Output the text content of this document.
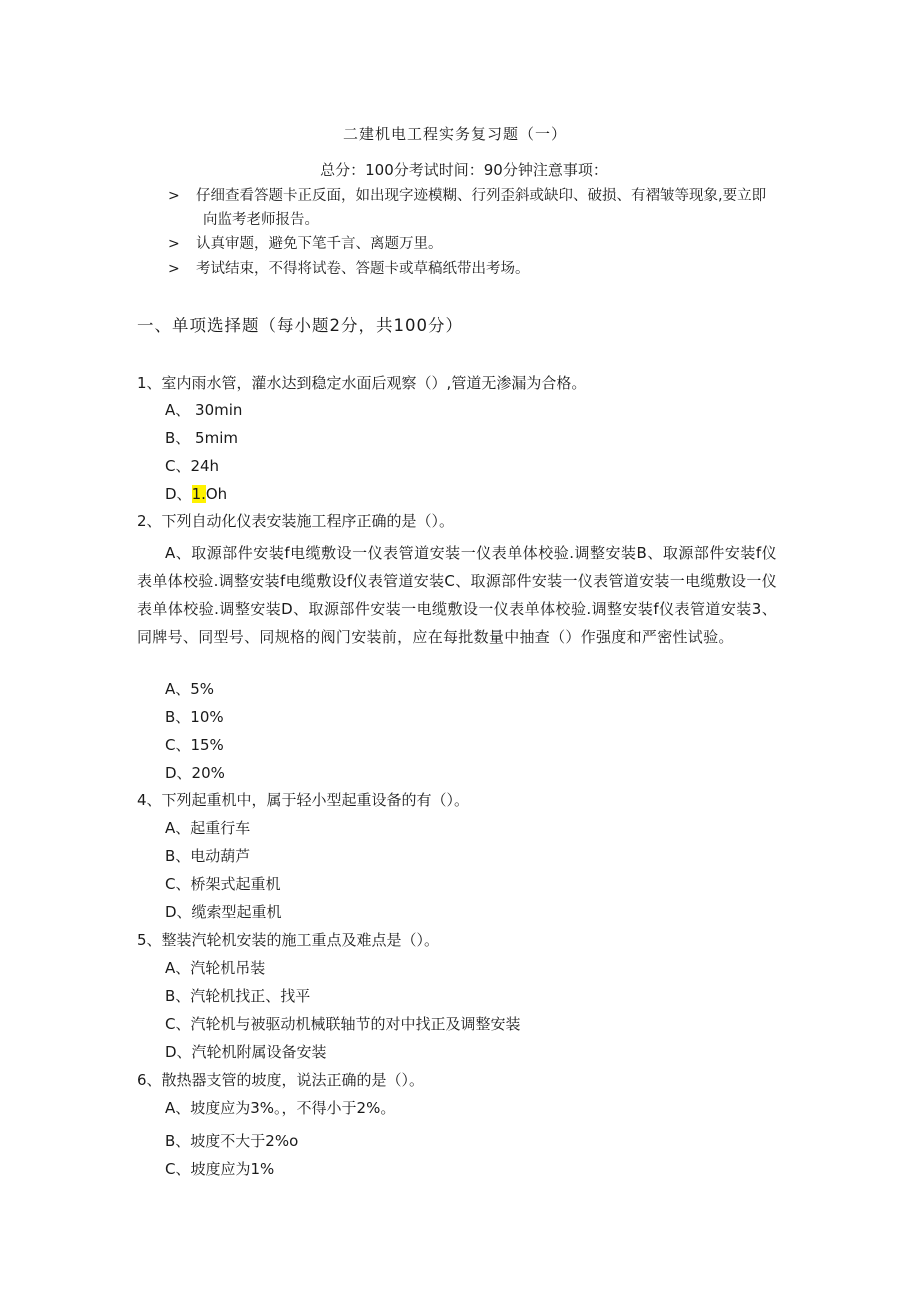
二建机电工程实务复习题（一）
总分：100分考试时间：90分钟注意事项：
> 仔细查看答题卡正反面，如出现字迹模糊、行列歪斜或缺印、破损、有褶皱等现象,要立即
向监考老师报告。
> 认真审题，避免下笔千言、离题万里。
> 考试结束，不得将试卷、答题卡或草稿纸带出考场。
一、单项选择题（每小题2分，共100分）
1、室内雨水管，灌水达到稳定水面后观察（）,管道无渗漏为合格。
A、 30min
B、 5mim
C、24h
D、1.Oh
2、下列自动化仪表安装施工程序正确的是（）。
A、取源部件安装f电缆敷设一仪表管道安装一仪表单体校验.调整安装B、取源部件安装f仪表单体校验.调整安装f电缆敷设f仪表管道安装C、取源部件安装一仪表管道安装一电缆敷设一仪表单体校验.调整安装D、取源部件安装一电缆敷设一仪表单体校验.调整安装f仪表管道安装3、同牌号、同型号、同规格的阀门安装前，应在每批数量中抽查（）作强度和严密性试验。
A、5%
B、10%
C、15%
D、20%
4、下列起重机中，属于轻小型起重设备的有（）。
A、起重行车
B、电动葫芦
C、桥架式起重机
D、缆索型起重机
5、整装汽轮机安装的施工重点及难点是（）。
A、汽轮机吊装
B、汽轮机找正、找平
C、汽轮机与被驱动机械联轴节的对中找正及调整安装
D、汽轮机附属设备安装
6、散热器支管的坡度，说法正确的是（）。
A、坡度应为3%。，不得小于2%。
B、坡度不大于2%o
C、坡度应为1%
